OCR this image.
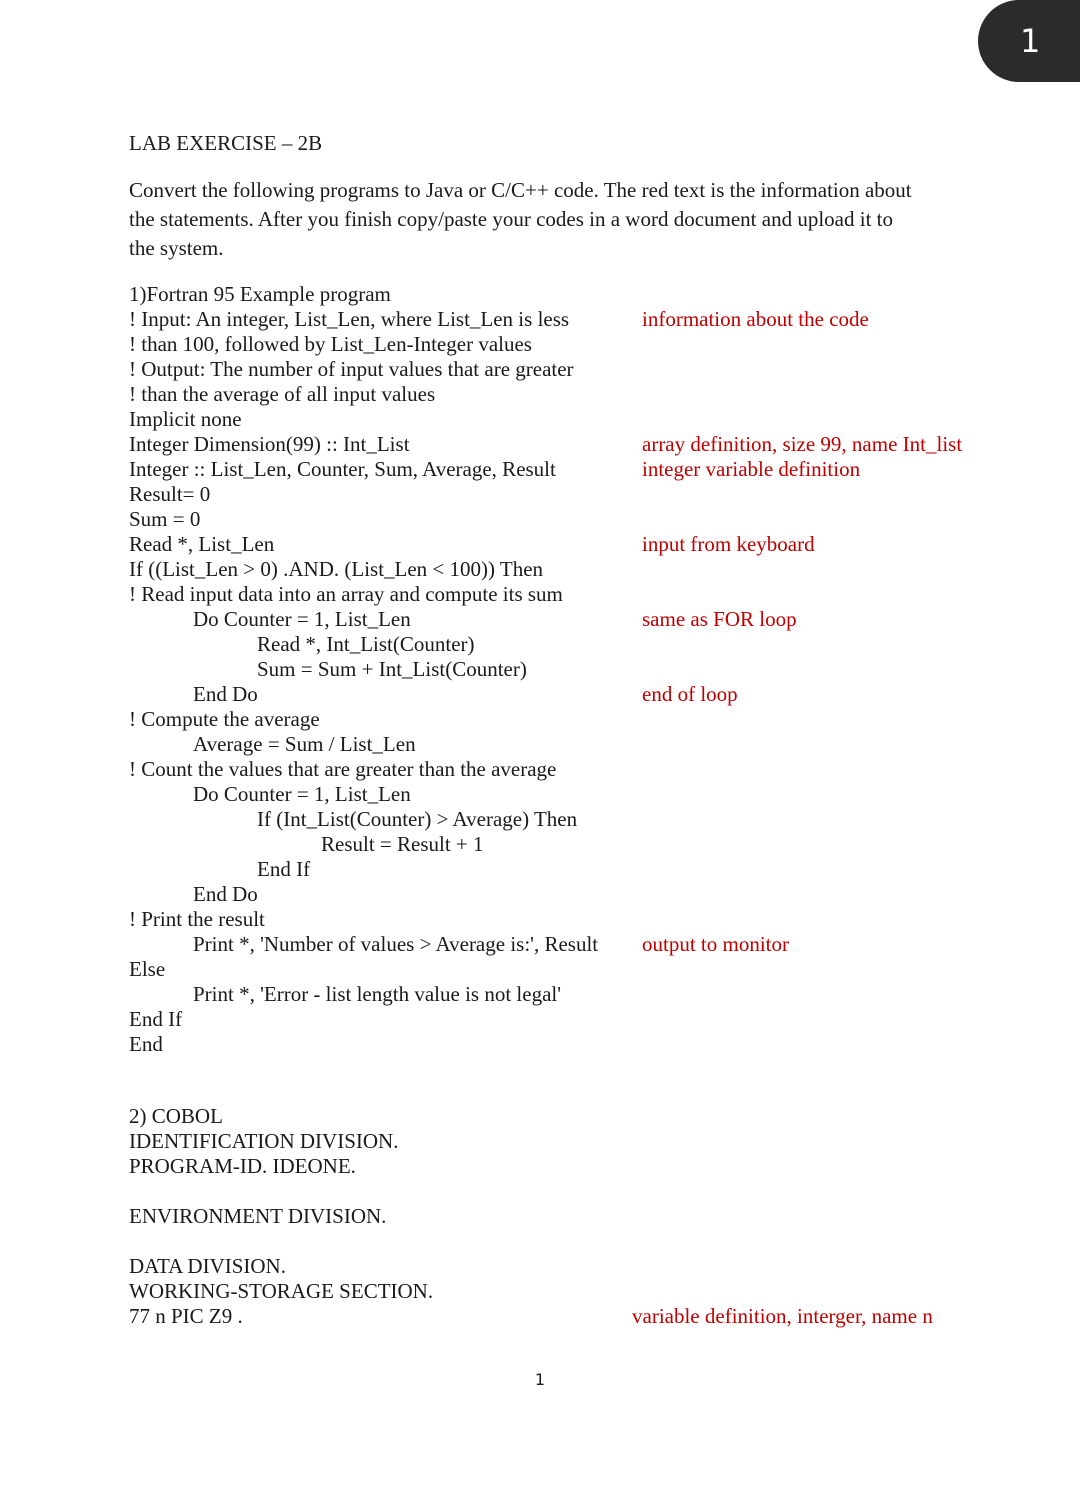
1
LAB EXERCISE – 2B
Convert the following programs to Java or C/C++ code. The red text is the information about
the statements. After you finish copy/paste your codes in a word document and upload it to
the system.
1)Fortran 95 Example program
! Input: An integer, List_Len, where List_Len is less
! than 100, followed by List_Len-Integer values
! Output: The number of input values that are greater
! than the average of all input values
Implicit none
Integer Dimension(99) :: Int_List
Integer :: List_Len, Counter, Sum, Average, Result
Result= 0
Sum = 0
Read *, List_Len
If ((List_Len > 0) .AND. (List_Len < 100)) Then
! Read input data into an array and compute its sum
Do Counter = 1, List_Len
Read *, Int_List(Counter)
Sum = Sum + Int_List(Counter)
End Do
! Compute the average
Average = Sum / List_Len
! Count the values that are greater than the average
Do Counter = 1, List_Len
If (Int_List(Counter) > Average) Then
Result = Result + 1
End If
End Do
! Print the result
Print *, 'Number of values > Average is:', Result
Else
Print *, 'Error - list length value is not legal'
End If
End
information about the code
array definition, size 99, name Int_list
integer variable definition
input from keyboard
same as FOR loop
end of loop
output to monitor
2) COBOL
IDENTIFICATION DIVISION.
PROGRAM-ID. IDEONE.
ENVIRONMENT DIVISION.
DATA DIVISION.
WORKING-STORAGE SECTION.
77 n PIC Z9 .	variable definition, interger, name n
1
